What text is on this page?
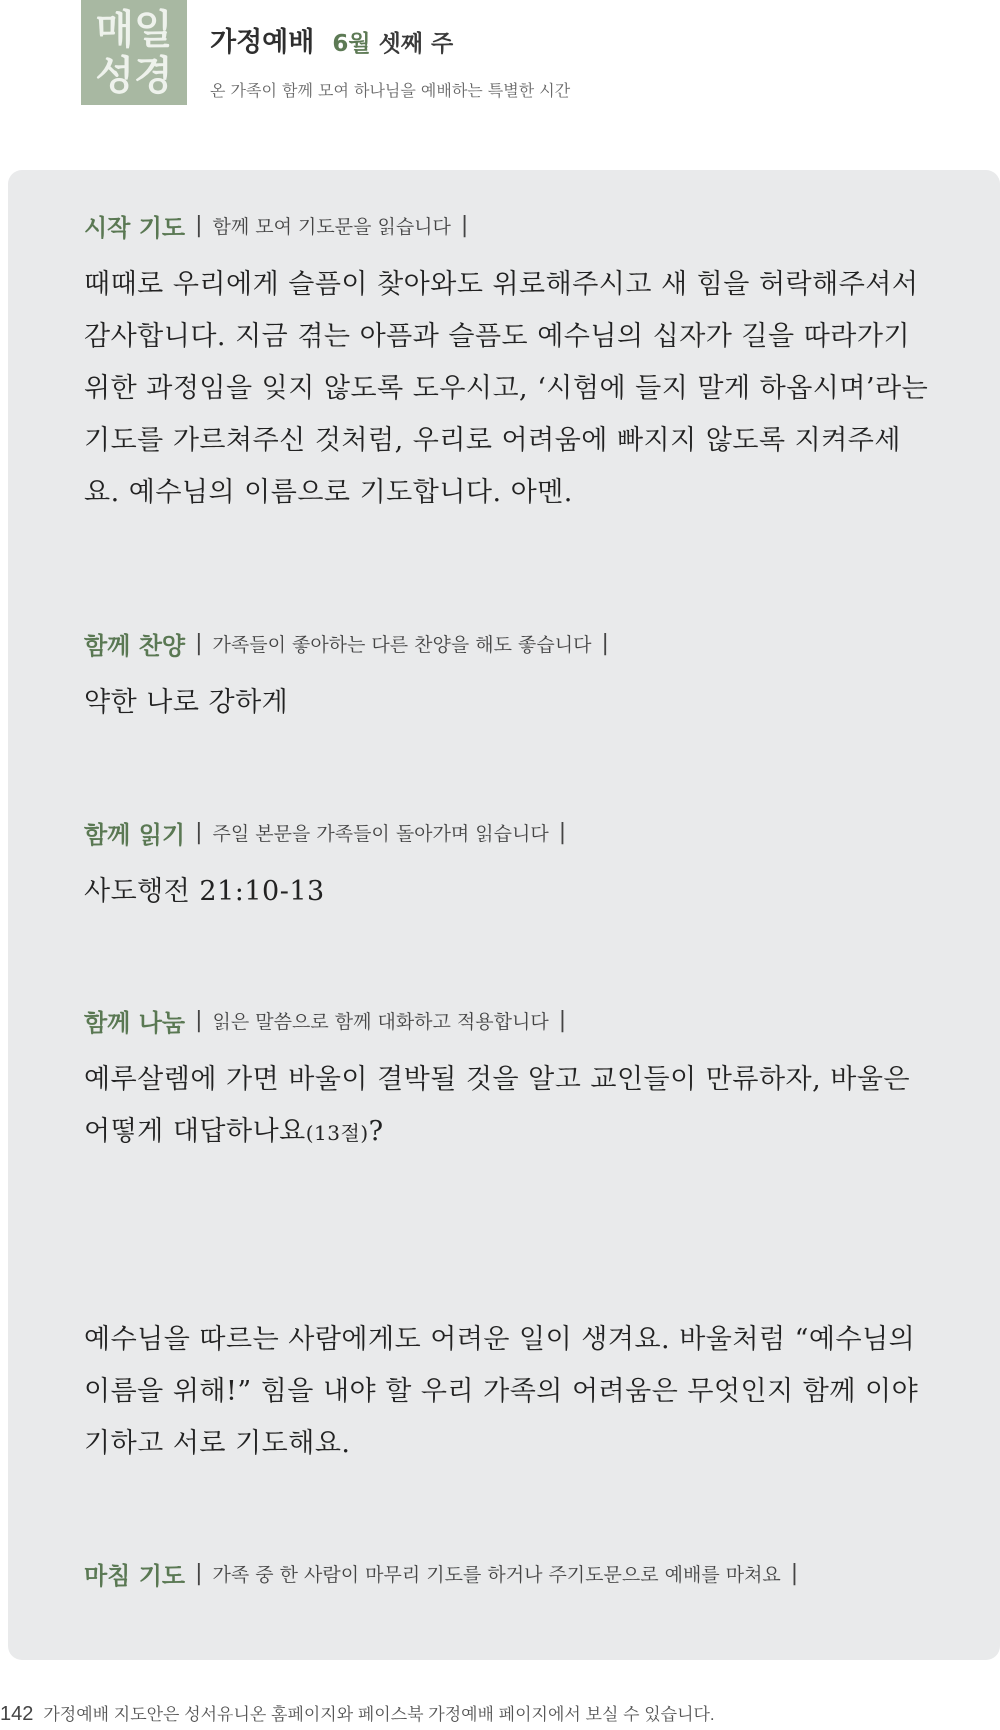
매일
성경
가정예배 6월 셋째 주
온 가족이 함께 모여 하나님을 예배하는 특별한 시간
시작 기도 | 함께 모여 기도문을 읽습니다 |
때때로 우리에게 슬픔이 찾아와도 위로해주시고 새 힘을 허락해주셔서 감사합니다. 지금 겪는 아픔과 슬픔도 예수님의 십자가 길을 따라가기 위한 과정임을 잊지 않도록 도우시고, ‘시험에 들지 말게 하옵시며’라는 기도를 가르쳐주신 것처럼, 우리로 어려움에 빠지지 않도록 지켜주세요. 예수님의 이름으로 기도합니다. 아멘.
함께 찬양 | 가족들이 좋아하는 다른 찬양을 해도 좋습니다 |
약한 나로 강하게
함께 읽기 | 주일 본문을 가족들이 돌아가며 읽습니다 |
사도행전 21:10-13
함께 나눔 | 읽은 말씀으로 함께 대화하고 적용합니다 |
예루살렘에 가면 바울이 결박될 것을 알고 교인들이 만류하자, 바울은 어떻게 대답하나요(13절)?
예수님을 따르는 사람에게도 어려운 일이 생겨요. 바울처럼 “예수님의 이름을 위해!” 힘을 내야 할 우리 가족의 어려움은 무엇인지 함께 이야기하고 서로 기도해요.
마침 기도 | 가족 중 한 사람이 마무리 기도를 하거나 주기도문으로 예배를 마쳐요 |
142 가정예배 지도안은 성서유니온 홈페이지와 페이스북 가정예배 페이지에서 보실 수 있습니다.
